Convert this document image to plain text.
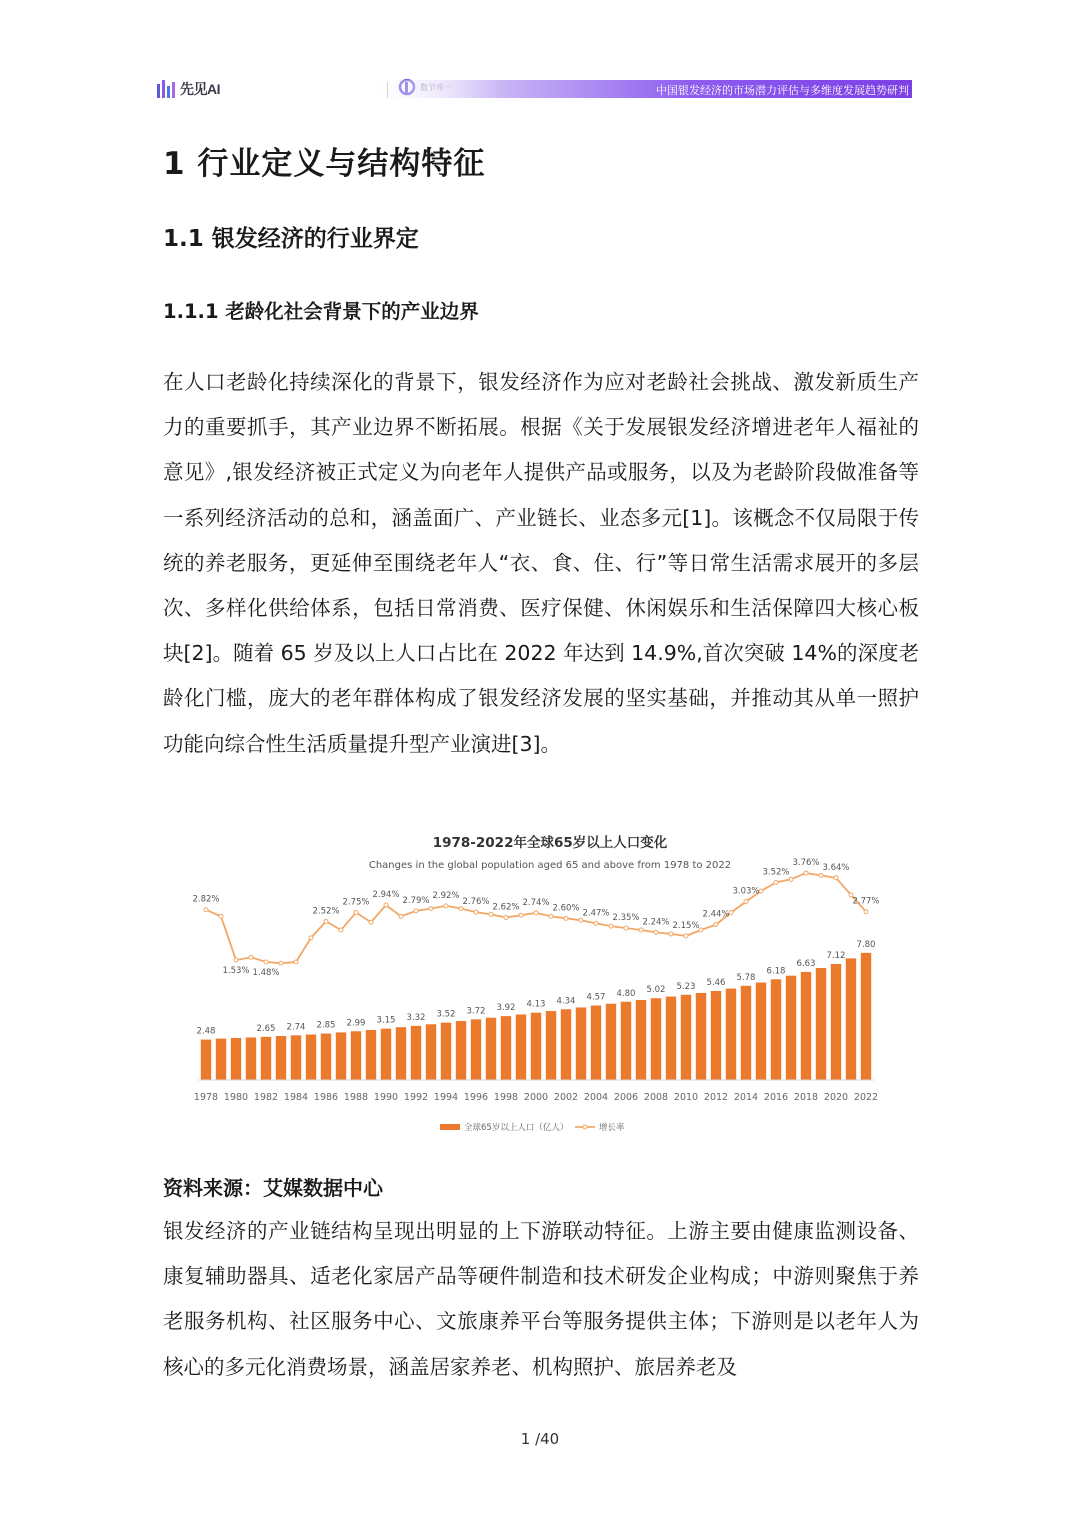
先见AI	中国银发经济的市场潜力评估与多维度发展趋势研判
1 行业定义与结构特征
1.1 银发经济的行业界定
1.1.1 老龄化社会背景下的产业边界

在人口老龄化持续深化的背景下，银发经济作为应对老龄社会挑战、激发新质生产力的重要抓手，其产业边界不断拓展。根据《关于发展银发经济增进老年人福祉的意见》,银发经济被正式定义为向老年人提供产品或服务，以及为老龄阶段做准备等一系列经济活动的总和，涵盖面广、产业链长、业态多元[1]。该概念不仅局限于传统的养老服务，更延伸至围绕老年人“衣、食、住、行”等日常生活需求展开的多层次、多样化供给体系，包括日常消费、医疗保健、休闲娱乐和生活保障四大核心板块[2]。随着 65 岁及以上人口占比在 2022 年达到 14.9%,首次突破 14%的深度老龄化门槛，庞大的老年群体构成了银发经济发展的坚实基础，并推动其从单一照护功能向综合性生活质量提升型产业演进[3]。

1978-2022年全球65岁以上人口变化
Changes in the global population aged 65 and above from 1978 to 2022
2.48	2.65 2.74 2.85 2.99 3.15 3.32 3.52 3.72 3.92 4.13 4.34 4.57 4.80 5.02 5.23 5.46
5.78
6.18
6.63
7.12
7.80
2.82%
1.53% 1.48%
2.52%
2.75%
2.94%
2.79%
2.92%
2.76%
2.62% 2.74%
2.60%
2.47% 2.35% 2.24% 2.15%
2.44%
3.03%
3.52%
3.76% 3.64%
2.77%
1978 1980 1982 1984 1986 1988 1990 1992 1994 1996 1998 2000 2002 2004 2006 2008 2010 2012 2014 2016 2018 2020 2022
全球65岁以上人口（亿人）	增长率

资料来源：艾媒数据中心

银发经济的产业链结构呈现出明显的上下游联动特征。上游主要由健康监测设备、康复辅助器具、适老化家居产品等硬件制造和技术研发企业构成；中游则聚焦于养老服务机构、社区服务中心、文旅康养平台等服务提供主体；下游则是以老年人为核心的多元化消费场景，涵盖居家养老、机构照护、旅居养老及

1 /40
